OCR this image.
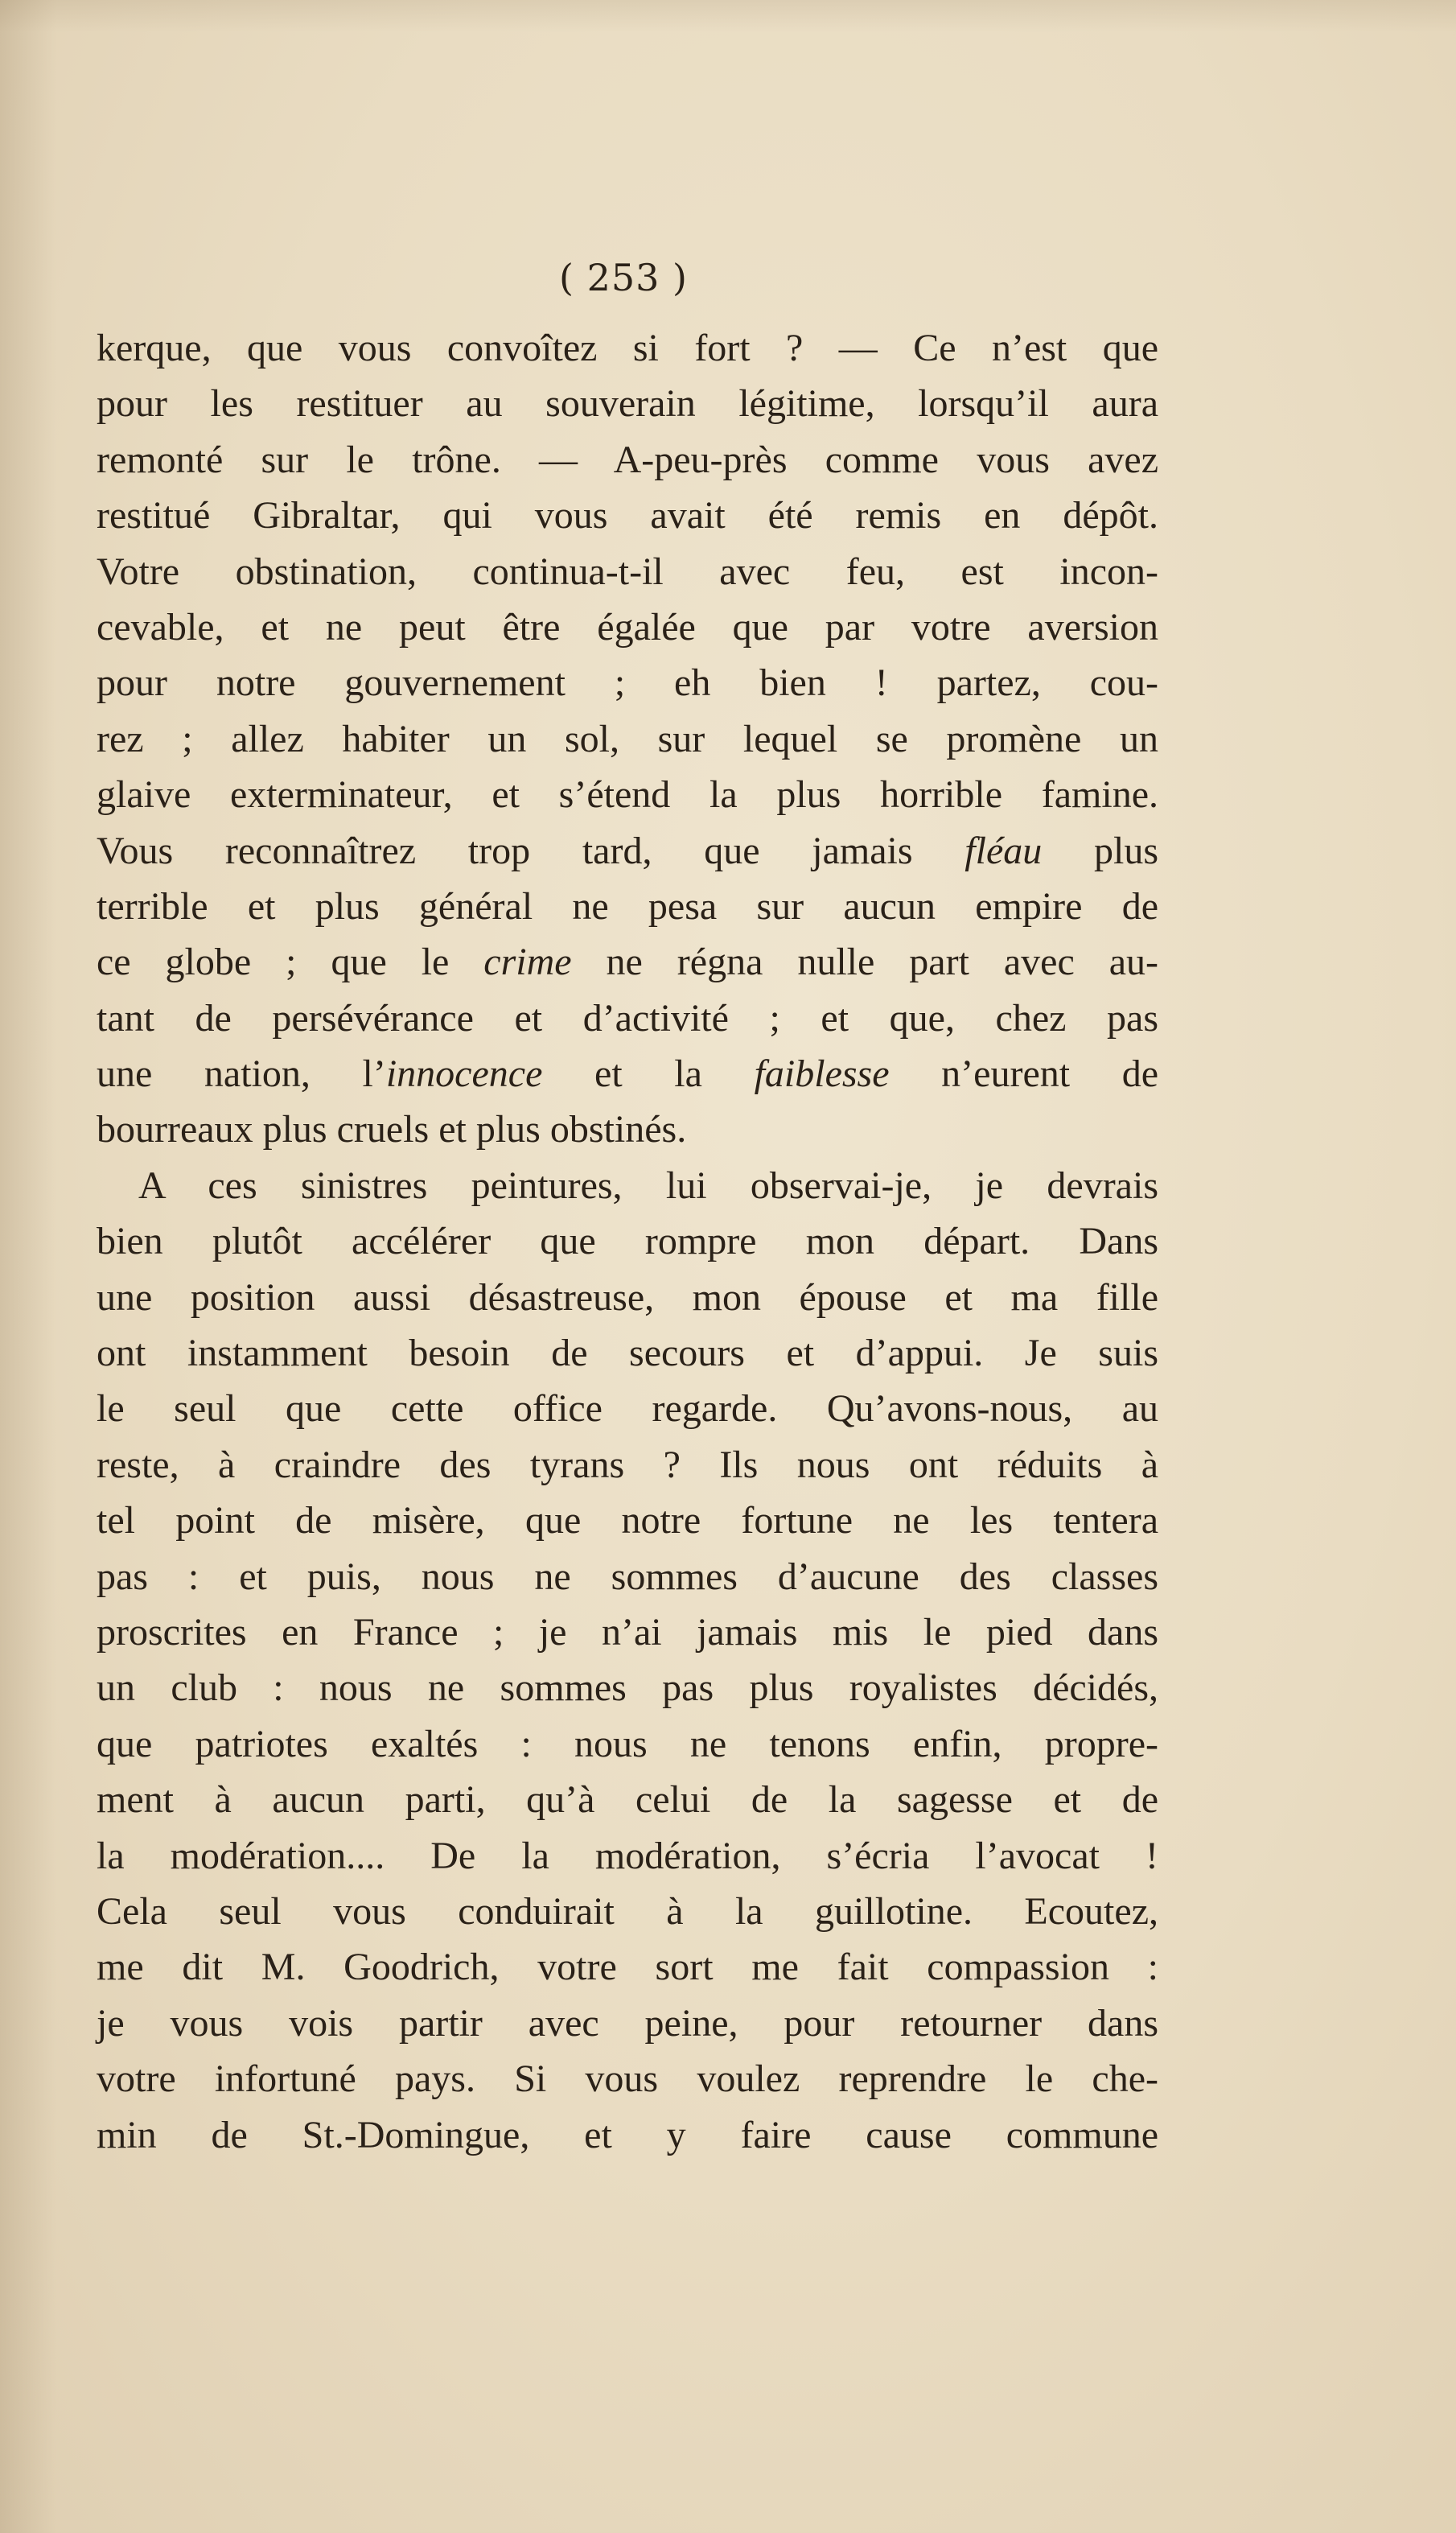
( 253 )
kerque, que vous convoîtez si fort ? — Ce n’est que
pour les restituer au souverain légitime, lorsqu’il aura
remonté sur le trône. — A-peu-près comme vous avez
restitué Gibraltar, qui vous avait été remis en dépôt.
Votre obstination, continua-t-il avec feu, est incon-
cevable, et ne peut être égalée que par votre aversion
pour notre gouvernement ; eh bien ! partez, cou-
rez ; allez habiter un sol, sur lequel se promène un
glaive exterminateur, et s’étend la plus horrible famine.
Vous reconnaîtrez trop tard, que jamais fléau plus
terrible et plus général ne pesa sur aucun empire de
ce globe ; que le crime ne régna nulle part avec au-
tant de persévérance et d’activité ; et que, chez pas
une nation, l’innocence et la faiblesse n’eurent de
bourreaux plus cruels et plus obstinés.
A ces sinistres peintures, lui observai-je, je devrais
bien plutôt accélérer que rompre mon départ. Dans
une position aussi désastreuse, mon épouse et ma fille
ont instamment besoin de secours et d’appui. Je suis
le seul que cette office regarde. Qu’avons-nous, au
reste, à craindre des tyrans ? Ils nous ont réduits à
tel point de misère, que notre fortune ne les tentera
pas : et puis, nous ne sommes d’aucune des classes
proscrites en France ; je n’ai jamais mis le pied dans
un club : nous ne sommes pas plus royalistes décidés,
que patriotes exaltés : nous ne tenons enfin, propre-
ment à aucun parti, qu’à celui de la sagesse et de
la modération.... De la modération, s’écria l’avocat !
Cela seul vous conduirait à la guillotine. Ecoutez,
me dit M. Goodrich, votre sort me fait compassion :
je vous vois partir avec peine, pour retourner dans
votre infortuné pays. Si vous voulez reprendre le che-
min de St.-Domingue, et y faire cause commune
